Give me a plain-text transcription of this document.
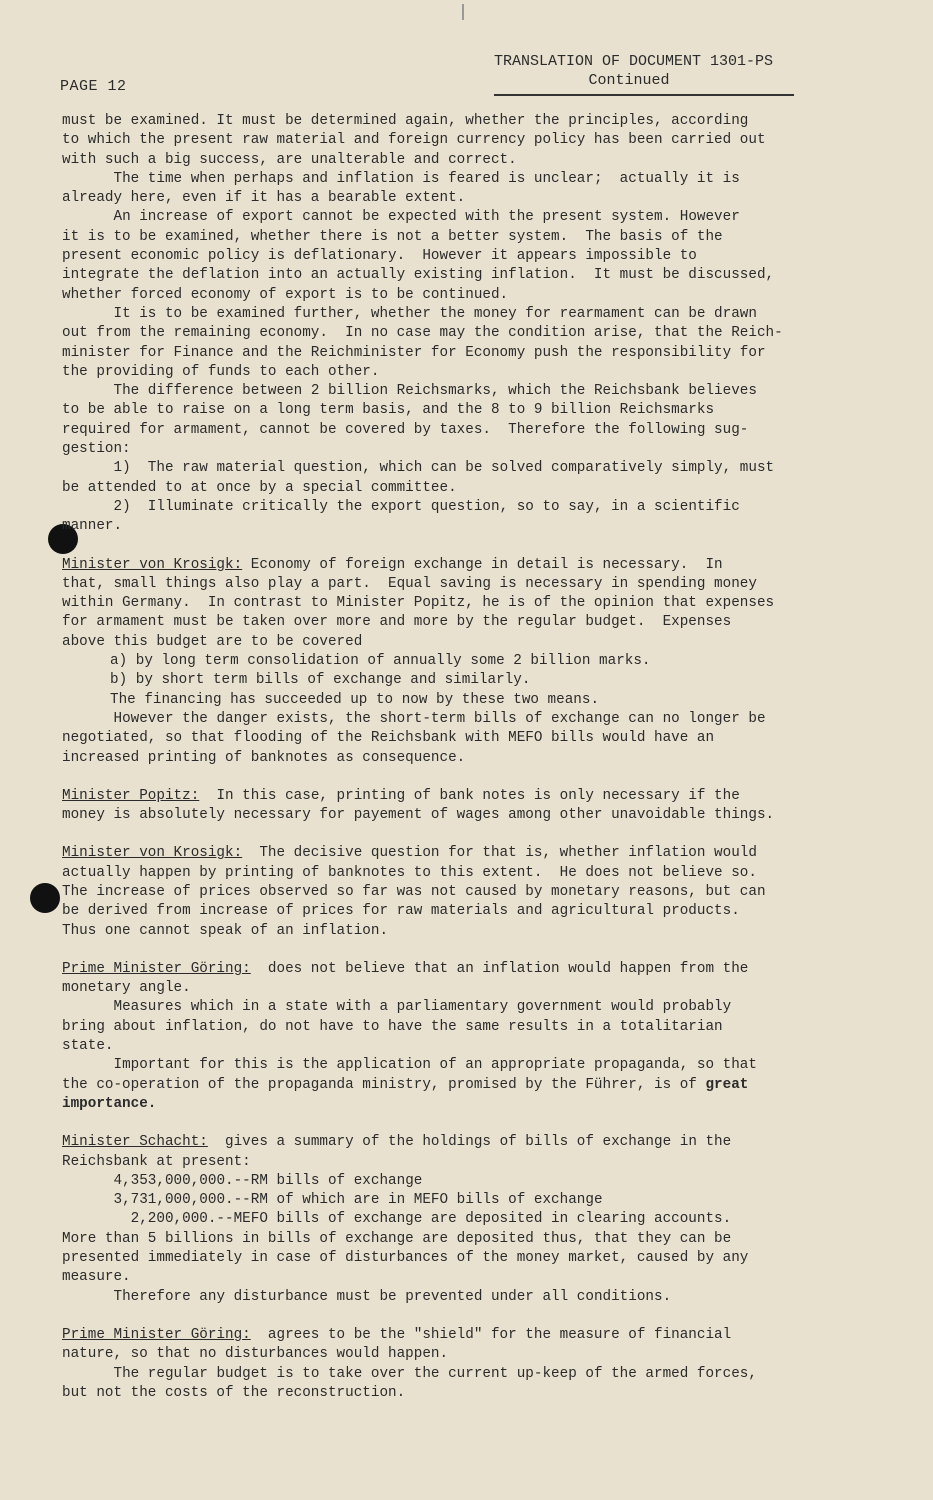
PAGE 12
TRANSLATION OF DOCUMENT 1301-PS
Continued

must be examined. It must be determined again, whether the principles, according
to which the present raw material and foreign currency policy has been carried out
with such a big success, are unalterable and correct.

The time when perhaps and inflation is feared is unclear;  actually it is
already here, even if it has a bearable extent.

An increase of export cannot be expected with the present system. However
it is to be examined, whether there is not a better system.  The basis of the
present economic policy is deflationary.  However it appears impossible to
integrate the deflation into an actually existing inflation.  It must be discussed,
whether forced economy of export is to be continued.

It is to be examined further, whether the money for rearmament can be drawn
out from the remaining economy.  In no case may the condition arise, that the Reich-
minister for Finance and the Reichminister for Economy push the responsibility for
the providing of funds to each other.

The difference between 2 billion Reichsmarks, which the Reichsbank believes
to be able to raise on a long term basis, and the 8 to 9 billion Reichsmarks
required for armament, cannot be covered by taxes.  Therefore the following sug-
gestion:

1)  The raw material question, which can be solved comparatively simply, must
be attended to at once by a special committee.

2)  Illuminate critically the export question, so to say, in a scientific
manner.

Minister von Krosigk: Economy of foreign exchange in detail is necessary.  In
that, small things also play a part.  Equal saving is necessary in spending money
within Germany.  In contrast to Minister Popitz, he is of the opinion that expenses
for armament must be taken over more and more by the regular budget.  Expenses
above this budget are to be covered

a) by long term consolidation of annually some 2 billion marks.

b) by short term bills of exchange and similarly.

The financing has succeeded up to now by these two means.

However the danger exists, the short-term bills of exchange can no longer be
negotiated, so that flooding of the Reichsbank with MEFO bills would have an
increased printing of banknotes as consequence.

Minister Popitz:  In this case, printing of bank notes is only necessary if the
money is absolutely necessary for payement of wages among other unavoidable things.

Minister von Krosigk:  The decisive question for that is, whether inflation would
actually happen by printing of banknotes to this extent.  He does not believe so.
The increase of prices observed so far was not caused by monetary reasons, but can
be derived from increase of prices for raw materials and agricultural products.
Thus one cannot speak of an inflation.

Prime Minister Göring:  does not believe that an inflation would happen from the
monetary angle.

Measures which in a state with a parliamentary government would probably
bring about inflation, do not have to have the same results in a totalitarian
state.

Important for this is the application of an appropriate propaganda, so that
the co-operation of the propaganda ministry, promised by the Führer, is of great
importance.

Minister Schacht:  gives a summary of the holdings of bills of exchange in the
Reichsbank at present:

4,353,000,000.--RM bills of exchange

3,731,000,000.--RM of which are in MEFO bills of exchange

2,200,000.--MEFO bills of exchange are deposited in clearing accounts.

More than 5 billions in bills of exchange are deposited thus, that they can be
presented immediately in case of disturbances of the money market, caused by any
measure.

Therefore any disturbance must be prevented under all conditions.

Prime Minister Göring:  agrees to be the "shield" for the measure of financial
nature, so that no disturbances would happen.

The regular budget is to take over the current up-keep of the armed forces,
but not the costs of the reconstruction.
